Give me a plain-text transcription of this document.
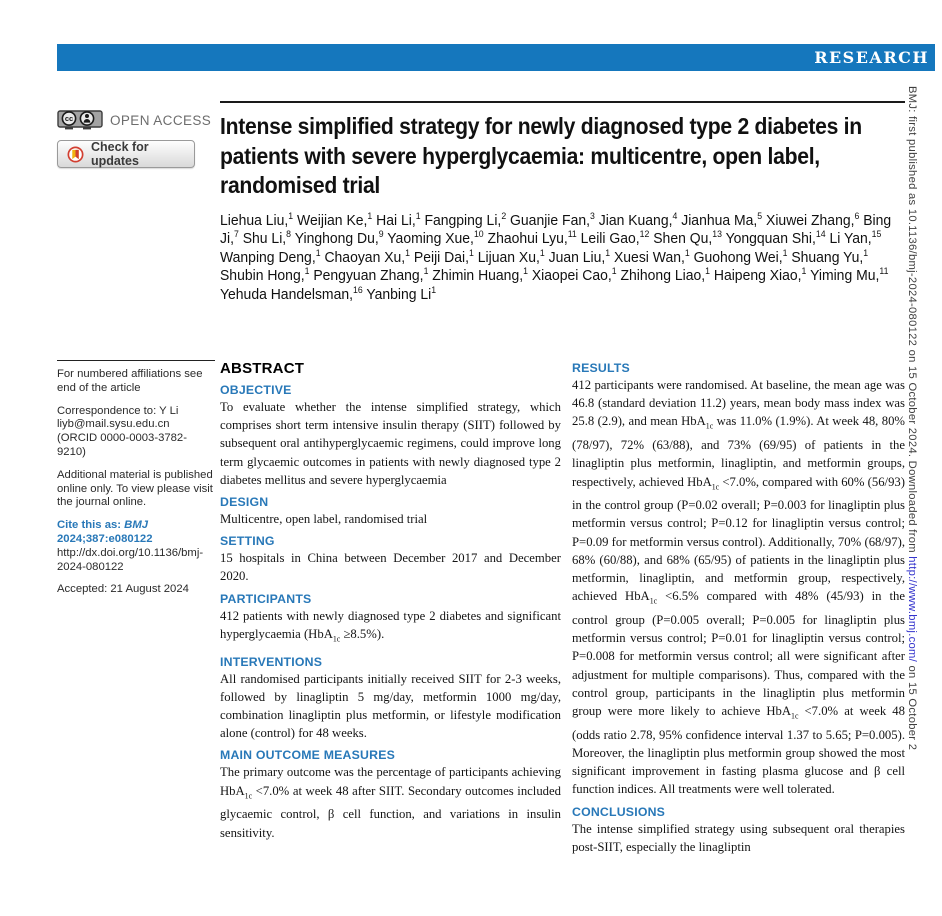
RESEARCH
cc	OPEN ACCESS
Check for updates
Intense simplified strategy for newly diagnosed type 2 diabetes in patients with severe hyperglycaemia: multicentre, open label, randomised trial

Liehua Liu,$^1$ Weijian Ke,$^1$ Hai Li,$^1$ Fangping Li,$^2$ Guanjie Fan,$^3$ Jian Kuang,$^4$ Jianhua Ma,$^5$ Xiuwei Zhang,$^6$ Bing Ji,$^7$ Shu Li,$^8$ Yinghong Du,$^9$ Yaoming Xue,$^{10}$ Zhaohui Lyu,$^{11}$ Leili Gao,$^{12}$ Shen Qu,$^{13}$ Yongquan Shi,$^{14}$ Li Yan,$^{15}$ Wanping Deng,$^1$ Chaoyan Xu,$^1$ Peiji Dai,$^1$ Lijuan Xu,$^1$ Juan Liu,$^1$ Xuesi Wan,$^1$ Guohong Wei,$^1$ Shuang Yu,$^1$ Shubin Hong,$^1$ Pengyuan Zhang,$^1$ Zhimin Huang,$^1$ Xiaopei Cao,$^1$ Zhihong Liao,$^1$ Haipeng Xiao,$^1$ Yiming Mu,$^{11}$ Yehuda Handelsman,$^{16}$ Yanbing Li$^1$

For numbered affiliations see end of the article

Correspondence to: Y Li
liyb@mail.sysu.edu.cn
(ORCID 0000-0003-3782-9210)

Additional material is published online only. To view please visit the journal online.

Cite this as: BMJ 2024;387:e080122
http://dx.doi.org/10.1136/bmj-2024-080122

Accepted: 21 August 2024

ABSTRACT
OBJECTIVE

To evaluate whether the intense simplified strategy, which comprises short term intensive insulin therapy (SIIT) followed by subsequent oral antihyperglycaemic regimens, could improve long term glycaemic outcomes in patients with newly diagnosed type 2 diabetes mellitus and severe hyperglycaemia

DESIGN

Multicentre, open label, randomised trial

SETTING

15 hospitals in China between December 2017 and December 2020.

PARTICIPANTS

412 patients with newly diagnosed type 2 diabetes and significant hyperglycaemia (HbA$_{1c}$ ≥8.5%).

INTERVENTIONS

All randomised participants initially received SIIT for 2-3 weeks, followed by linagliptin 5 mg/day, metformin 1000 mg/day, combination linagliptin plus metformin, or lifestyle modification alone (control) for 48 weeks.

MAIN OUTCOME MEASURES

The primary outcome was the percentage of participants achieving HbA$_{1c}$ <7.0% at week 48 after SIIT. Secondary outcomes included glycaemic control, β cell function, and variations in insulin sensitivity.

RESULTS

412 participants were randomised. At baseline, the mean age was 46.8 (standard deviation 11.2) years, mean body mass index was 25.8 (2.9), and mean HbA$_{1c}$ was 11.0% (1.9%). At week 48, 80% (78/97), 72% (63/88), and 73% (69/95) of patients in the linagliptin plus metformin, linagliptin, and metformin groups, respectively, achieved HbA$_{1c}$ <7.0%, compared with 60% (56/93) in the control group (P=0.02 overall; P=0.003 for linagliptin plus metformin versus control; P=0.12 for linagliptin versus control; P=0.09 for metformin versus control). Additionally, 70% (68/97), 68% (60/88), and 68% (65/95) of patients in the linagliptin plus metformin, linagliptin, and metformin group, respectively, achieved HbA$_{1c}$ <6.5% compared with 48% (45/93) in the control group (P=0.005 overall; P=0.005 for linagliptin plus metformin versus control; P=0.01 for linagliptin versus control; P=0.008 for metformin versus control; all were significant after adjustment for multiple comparisons). Thus, compared with the control group, participants in the linagliptin plus metformin group were more likely to achieve HbA$_{1c}$ <7.0% at week 48 (odds ratio 2.78, 95% confidence interval 1.37 to 5.65; P=0.005). Moreover, the linagliptin plus metformin group showed the most significant improvement in fasting plasma glucose and β cell function indices. All treatments were well tolerated.

CONCLUSIONS

The intense simplified strategy using subsequent oral therapies post-SIIT, especially the linagliptin

BMJ: first published as 10.1136/bmj-2024-080122 on 15 October 2024. Downloaded from http://www.bmj.com/ on 15 October 2
